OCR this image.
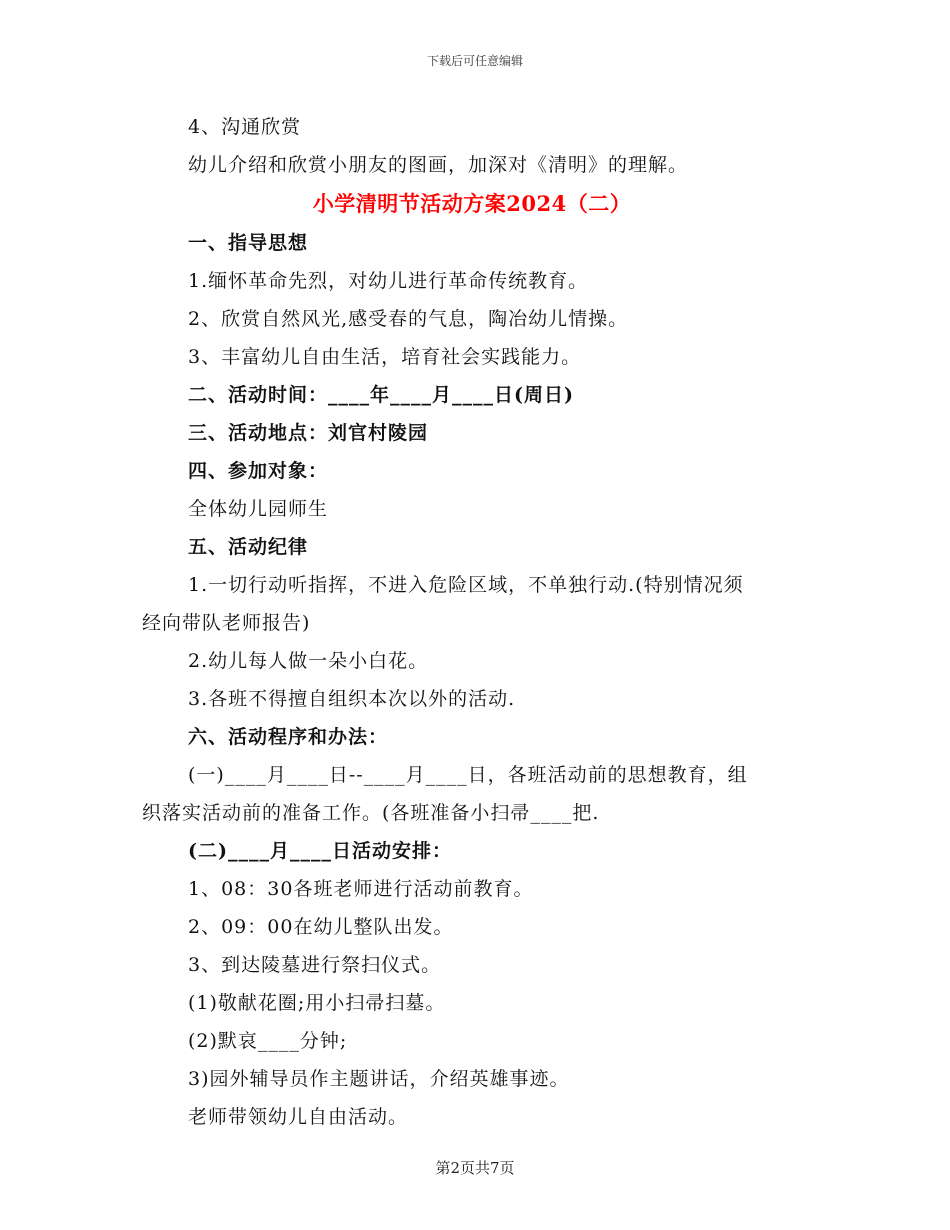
下载后可任意编辑
4、沟通欣赏
幼儿介绍和欣赏小朋友的图画，加深对《清明》的理解。
小学清明节活动方案2024（二）
一、指导思想
1.缅怀革命先烈，对幼儿进行革命传统教育。
2、欣赏自然风光,感受春的气息，陶冶幼儿情操。
3、丰富幼儿自由生活，培育社会实践能力。
二、活动时间：____年____月____日(周日)
三、活动地点：刘官村陵园
四、参加对象：
全体幼儿园师生
五、活动纪律
1.一切行动听指挥，不进入危险区域，不单独行动.(特别情况须
经向带队老师报告)
2.幼儿每人做一朵小白花。
3.各班不得擅自组织本次以外的活动.
六、活动程序和办法：
(一)____月____日--____月____日，各班活动前的思想教育，组
织落实活动前的准备工作。(各班准备小扫帚____把.
(二)____月____日活动安排：
1、08：30各班老师进行活动前教育。
2、09：00在幼儿整队出发。
3、到达陵墓进行祭扫仪式。
(1)敬献花圈;用小扫帚扫墓。
(2)默哀____分钟;
3)园外辅导员作主题讲话，介绍英雄事迹。
老师带领幼儿自由活动。
第2页共7页
